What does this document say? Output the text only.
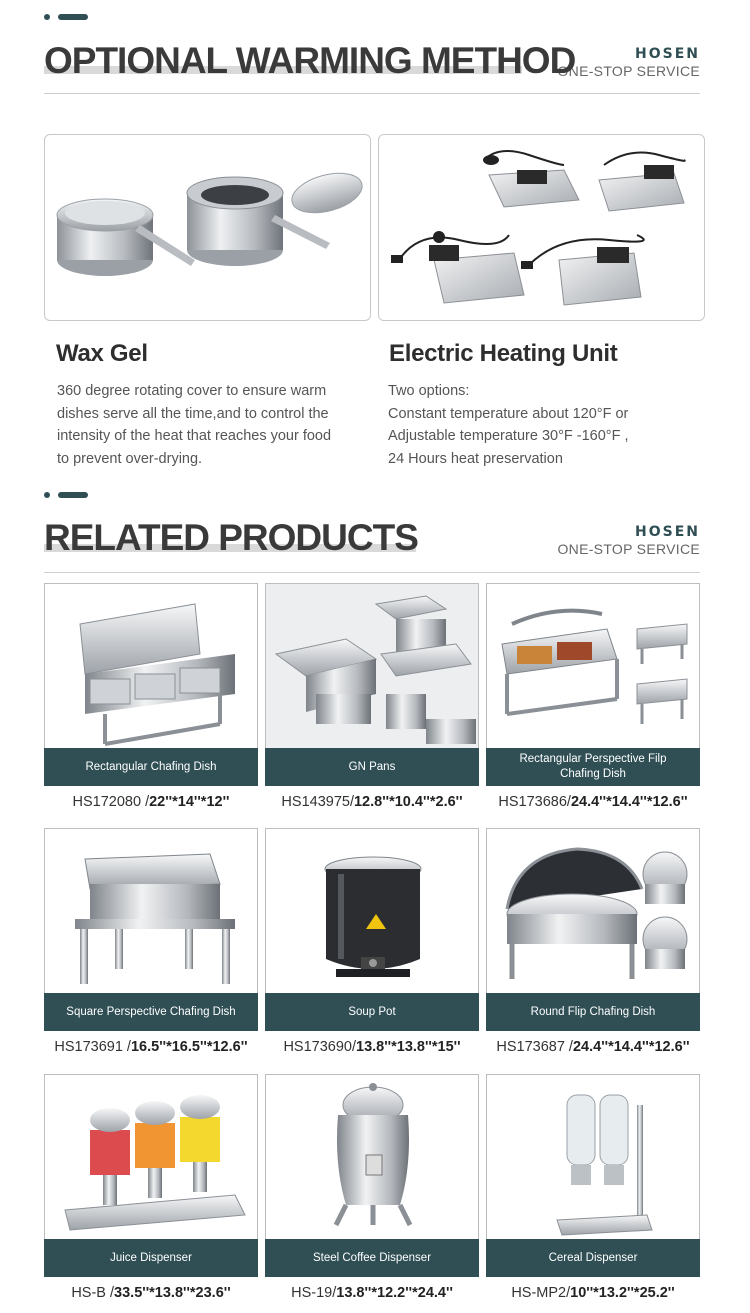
OPTIONAL WARMING METHOD	HOSEN
ONE-STOP SERVICE
Wax Gel
360 degree rotating cover to ensure warm
dishes serve all the time,and to control the
intensity of the heat that reaches your food
to prevent over-drying.
Electric Heating Unit
Two options:
Constant temperature about 120°F or
Adjustable temperature 30°F -160°F ,
24 Hours heat preservation
RELATED PRODUCTS	HOSEN
ONE-STOP SERVICE
Rectangular Chafing Dish
HS172080 /22''*14''*12''
GN Pans
HS143975/12.8''*10.4''*2.6''
Rectangular Perspective Filp Chafing Dish
HS173686/24.4''*14.4''*12.6''
Square Perspective Chafing Dish
HS173691 /16.5''*16.5''*12.6''
Soup Pot
HS173690/13.8''*13.8''*15''
Round Flip Chafing Dish
HS173687 /24.4''*14.4''*12.6''
Juice Dispenser
HS-B /33.5''*13.8''*23.6''
Steel Coffee Dispenser
HS-19/13.8''*12.2''*24.4''
Cereal Dispenser
HS-MP2/10''*13.2''*25.2''
